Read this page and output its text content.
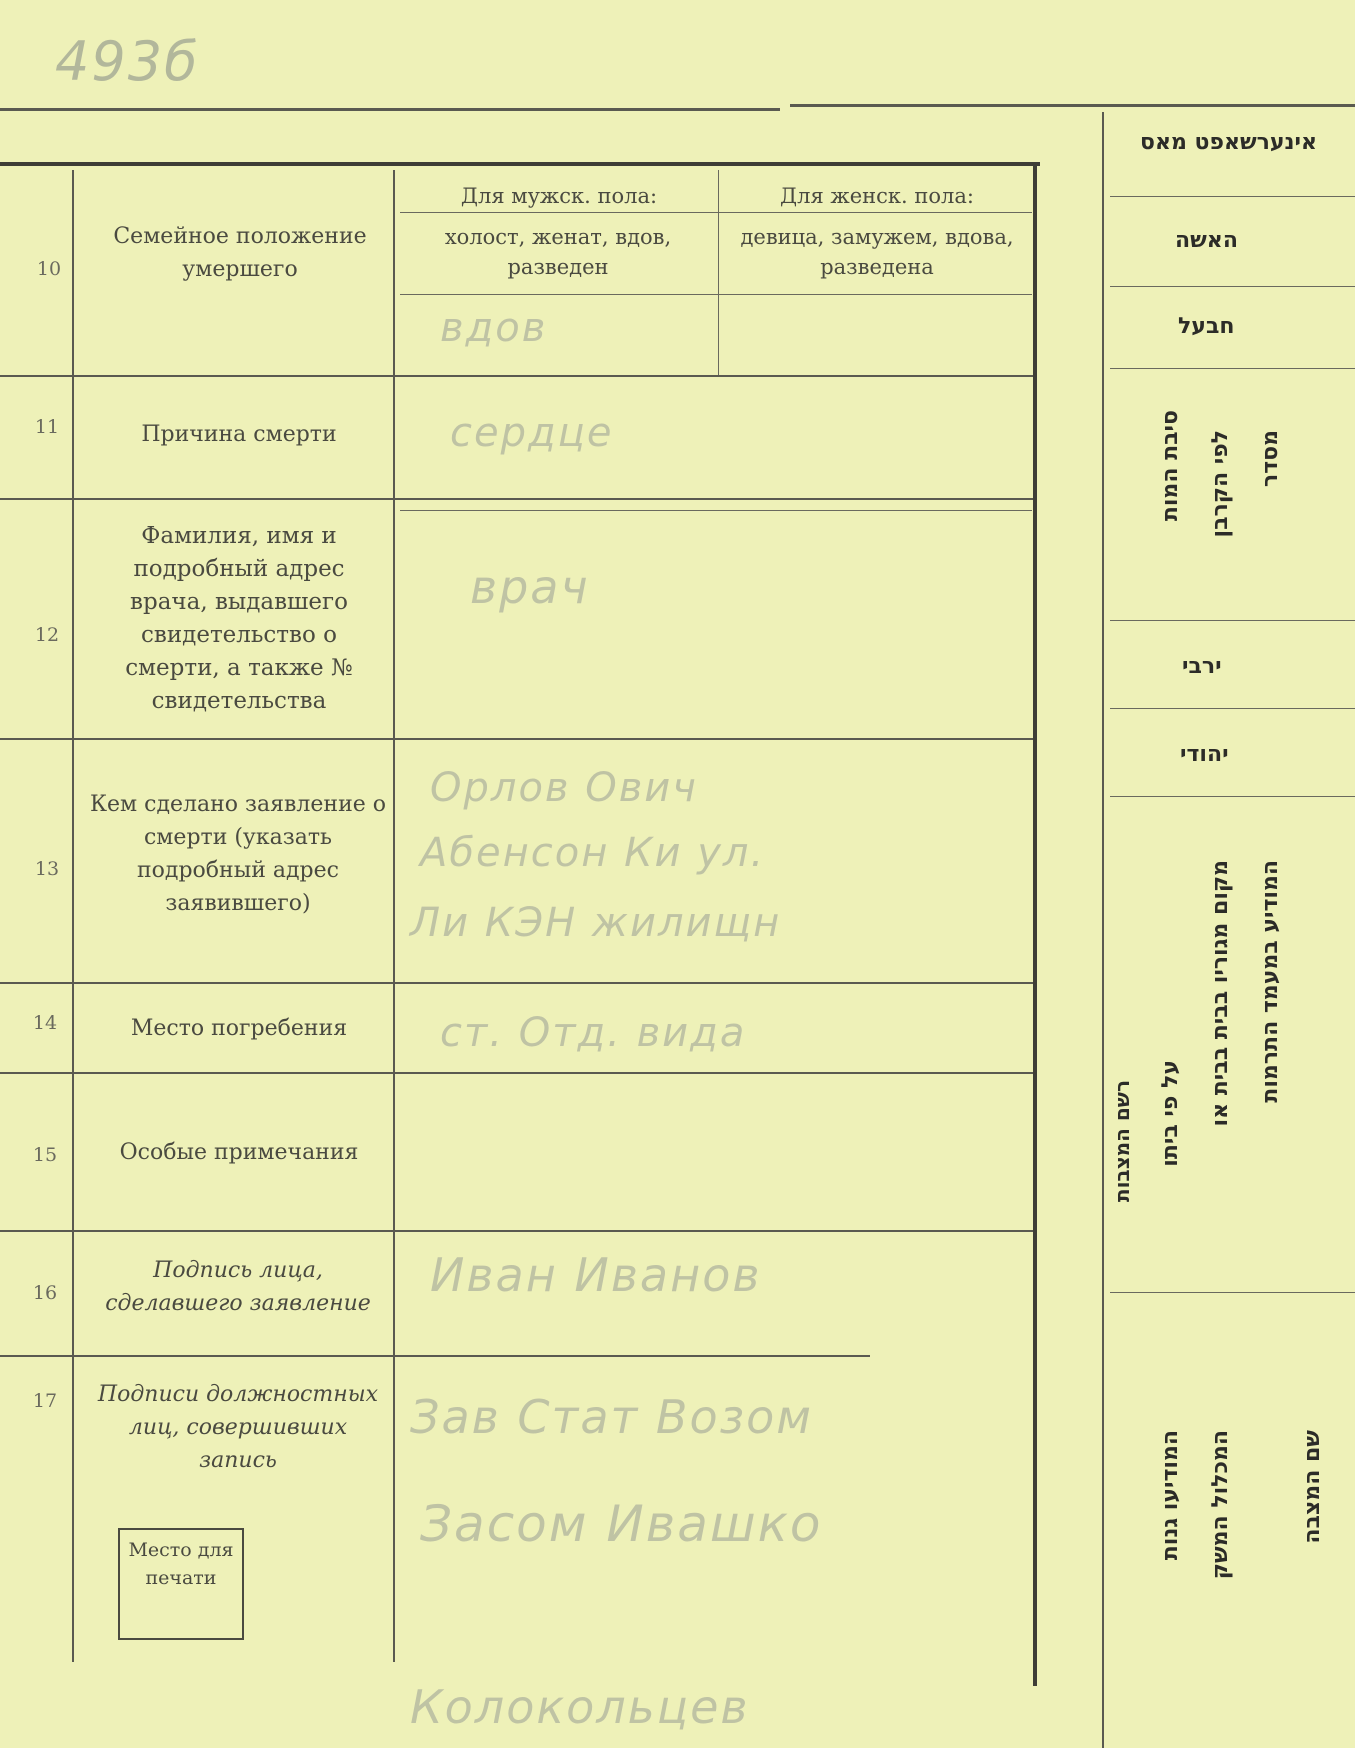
493б
Для мужск. пола:	Для женск. пола:
холост, женат, вдов, разведен
девица, замужем, вдова, разведена
10
11
12
13
14
15
16
17
Семейное положение умершего
Причина смерти
Фамилия, имя и подробный адрес врача, выдавшего свидетельство о смерти, а также № свидетельства
Кем сделано заявление о смерти (указать подробный адрес заявившего)
Место погребения
Особые примечания
Подпись лица, сделавшего заявление
Подписи должностных лиц, совершивших запись
Место для печати
вдов
сердце
врач
Орлов Ович
Абенсон Ки ул.
Ли КЭН жилищн
ст. Отд. вида
Иван Иванов
Зав Стат Возом
Засом Ивашко
Колокольцев
אינערשאפט מאס
האשה
חבעל
סיבת המות לפי הקרבן מסדר
ירבי
יהודי
המודיע במעמד התרמות
מקום מגוריו בבית בבית או
על פי ביתו
רשם המצבות
המודיעו גנות המכלול המשק	שם המצבה
